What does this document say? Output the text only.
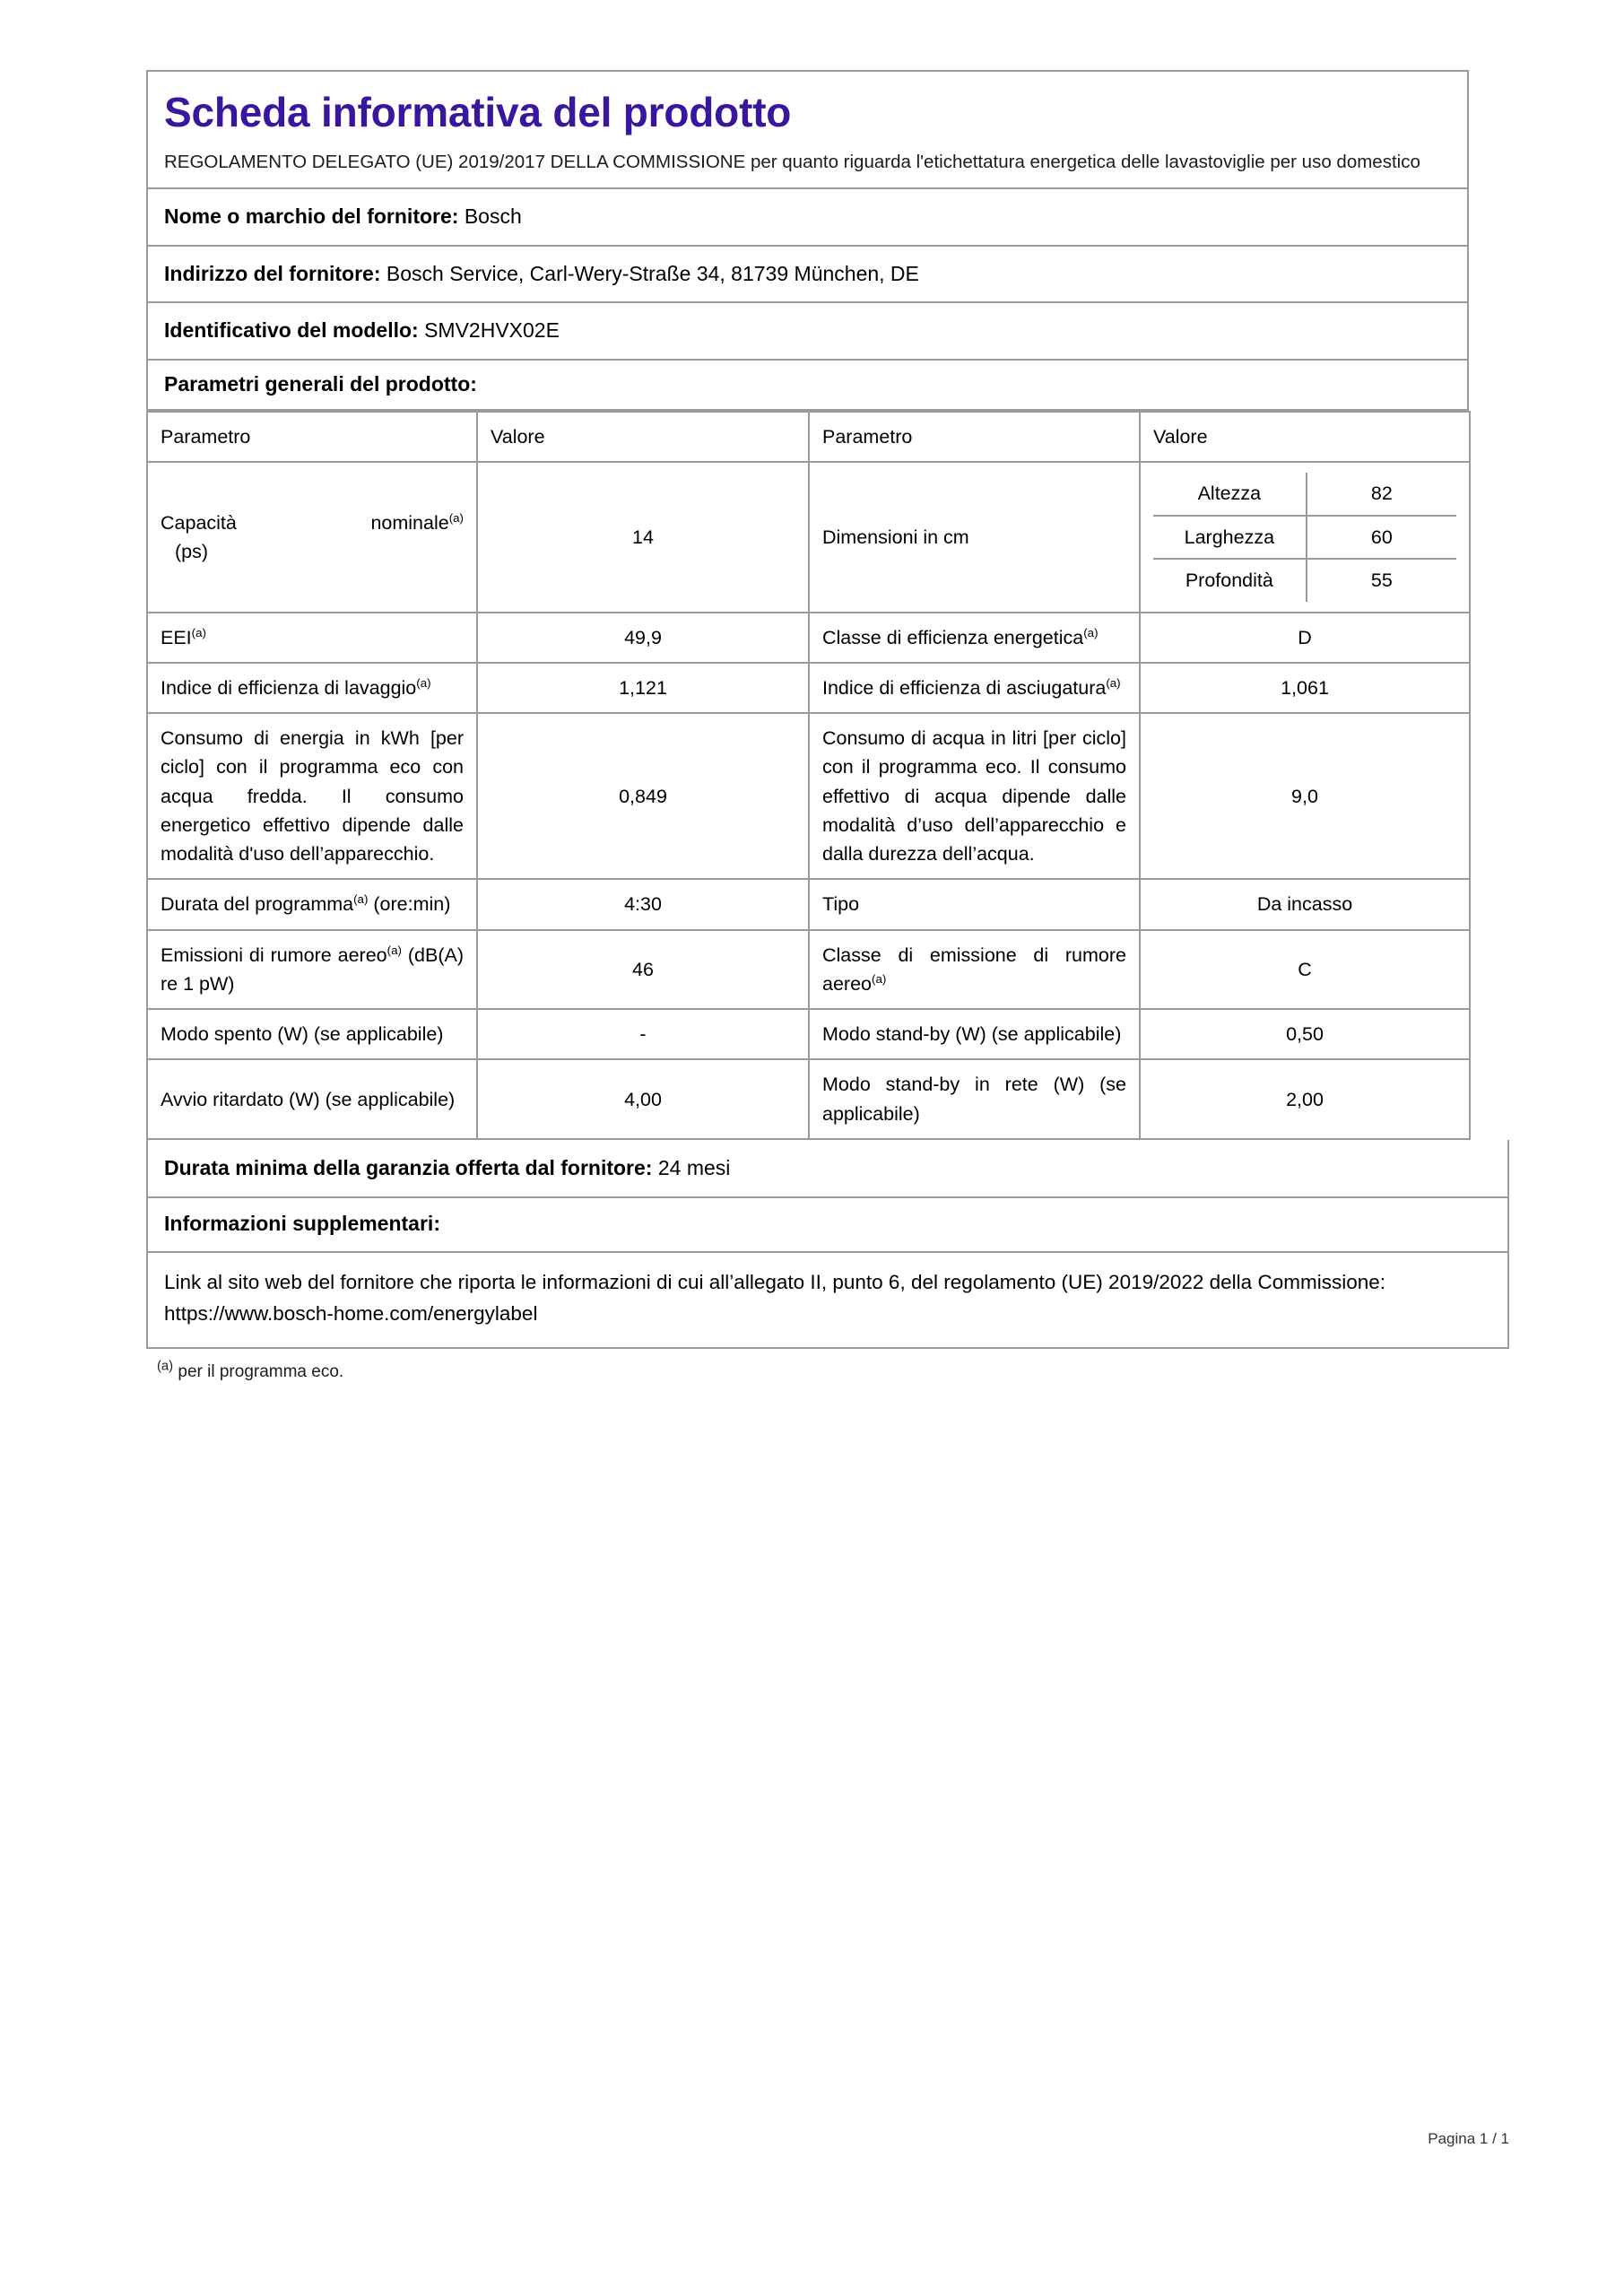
Scheda informativa del prodotto

REGOLAMENTO DELEGATO (UE) 2019/2017 DELLA COMMISSIONE per quanto riguarda l'etichettatura energetica delle lavastoviglie per uso domestico

Nome o marchio del fornitore: Bosch
Indirizzo del fornitore: Bosch Service, Carl-Wery-Straße 34, 81739 München, DE
Identificativo del modello: SMV2HVX02E
Parametri generali del prodotto:
Parametro	Valore	Parametro	Valore

Capacità nominale$^{(a)}$
(ps)
	14	Dimensioni in cm	
Altezza	82
Larghezza	60
Profondità	55

EEI$^{(a)}$	49,9	Classe di efficienza energetica$^{(a)}$	D
Indice di efficienza di lavaggio$^{(a)}$	1,121	Indice di efficienza di asciugatura$^{(a)}$	1,061
Consumo di energia in kWh [per ciclo] con il programma eco con acqua fredda. Il consumo energetico effettivo dipende dalle modalità d'uso dell’apparecchio.	0,849	Consumo di acqua in litri [per ciclo] con il programma eco. Il consumo effettivo di acqua dipende dalle modalità d’uso dell’apparecchio e dalla durezza dell’acqua.	9,0
Durata del programma$^{(a)}$ (ore:min)	4:30	Tipo	Da incasso
Emissioni di rumore aereo$^{(a)}$ (dB(A) re 1 pW)	46	Classe di emissione di rumore aereo$^{(a)}$	C
Modo spento (W) (se applicabile)	-	Modo stand-by (W) (se applicabile)	0,50
Avvio ritardato (W) (se applicabile)	4,00	Modo stand-by in rete (W) (se applicabile)	2,00
Durata minima della garanzia offerta dal fornitore: 24 mesi
Informazioni supplementari:
Link al sito web del fornitore che riporta le informazioni di cui all’allegato II, punto 6, del regolamento (UE) 2019/2022 della Commissione: https://www.bosch-home.com/energylabel
$^{(a)}$ per il programma eco.
Pagina 1 / 1
